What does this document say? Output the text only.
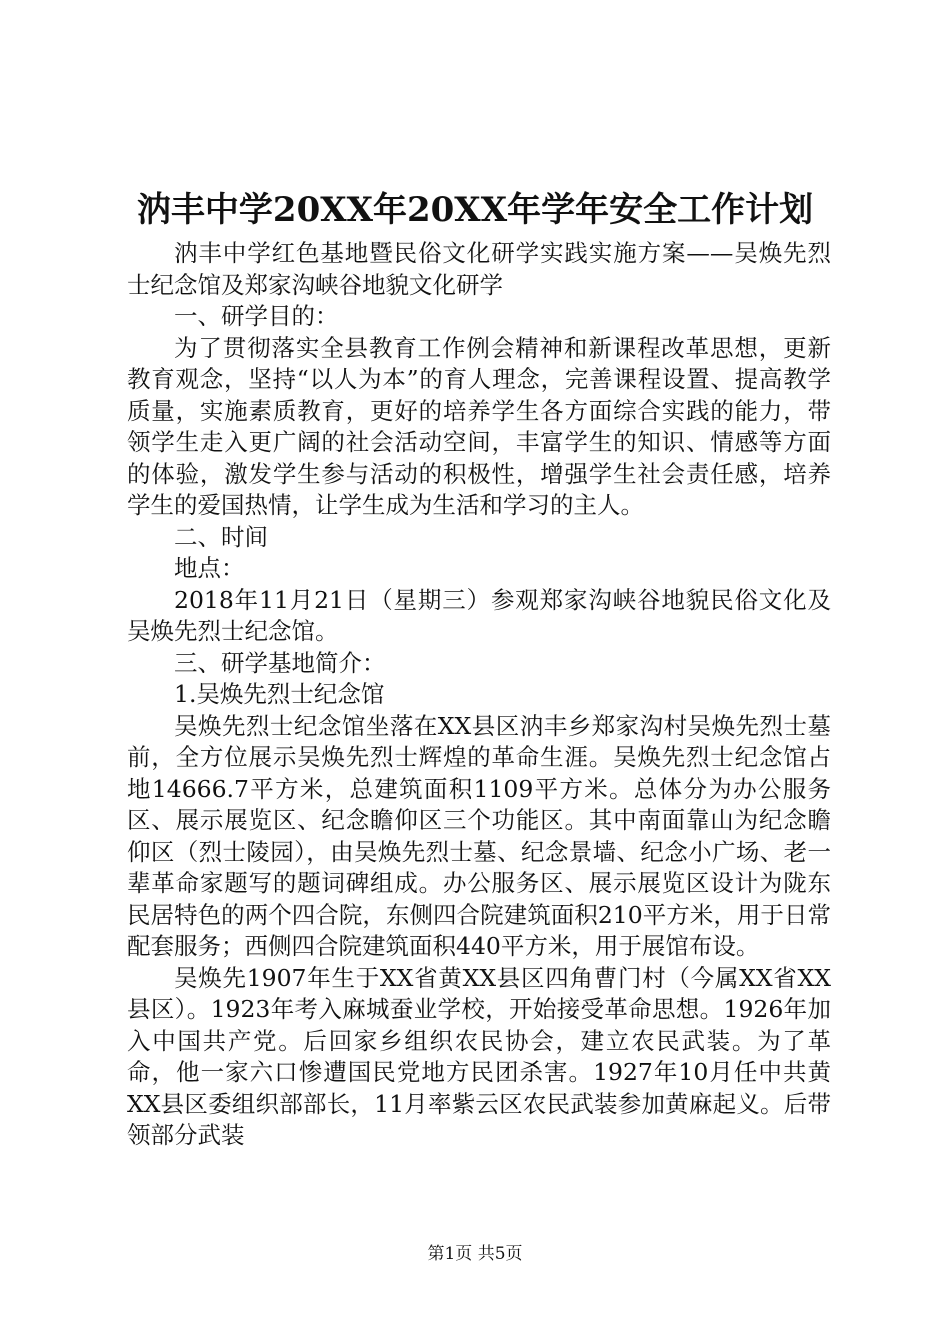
汭丰中学20XX年20XX年学年安全工作计划

汭丰中学红色基地暨民俗文化研学实践实施方案——吴焕先烈士纪念馆及郑家沟峡谷地貌文化研学

一、研学目的：

为了贯彻落实全县教育工作例会精神和新课程改革思想，更新教育观念，坚持“以人为本”的育人理念，完善课程设置、提高教学质量，实施素质教育，更好的培养学生各方面综合实践的能力，带领学生走入更广阔的社会活动空间，丰富学生的知识、情感等方面的体验，激发学生参与活动的积极性，增强学生社会责任感，培养学生的爱国热情，让学生成为生活和学习的主人。

二、时间

地点：

2018年11月21日（星期三）参观郑家沟峡谷地貌民俗文化及吴焕先烈士纪念馆。

三、研学基地简介：

1.吴焕先烈士纪念馆

吴焕先烈士纪念馆坐落在XX县区汭丰乡郑家沟村吴焕先烈士墓前，全方位展示吴焕先烈士辉煌的革命生涯。吴焕先烈士纪念馆占地14666.7平方米，总建筑面积1109平方米。总体分为办公服务区、展示展览区、纪念瞻仰区三个功能区。其中南面靠山为纪念瞻仰区（烈士陵园），由吴焕先烈士墓、纪念景墙、纪念小广场、老一辈革命家题写的题词碑组成。办公服务区、展示展览区设计为陇东民居特色的两个四合院，东侧四合院建筑面积210平方米，用于日常配套服务；西侧四合院建筑面积440平方米，用于展馆布设。

吴焕先1907年生于XX省黄XX县区四角曹门村（今属XX省XX县区）。1923年考入麻城蚕业学校，开始接受革命思想。1926年加入中国共产党。后回家乡组织农民协会，建立农民武装。为了革命，他一家六口惨遭国民党地方民团杀害。1927年10月任中共黄XX县区委组织部部长，11月率紫云区农民武装参加黄麻起义。后带领部分武装

第1页 共5页
